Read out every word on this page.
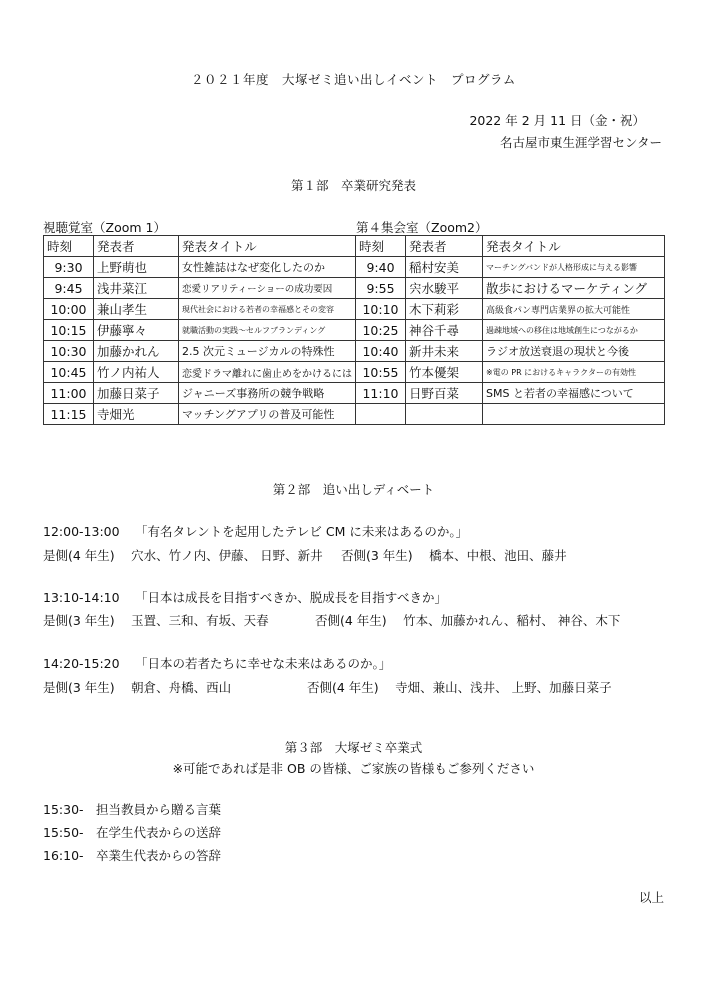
２０２１年度　大塚ゼミ追い出しイベント　プログラム
2022 年 2 月 11 日（金・祝）
名古屋市東生涯学習センター
第１部　卒業研究発表
視聴覚室（Zoom 1）	第４集会室（Zoom2）
時刻	発表者	発表タイトル	時刻	発表者	発表タイトル
9:30	上野萌也	女性雑誌はなぜ変化したのか	9:40	稲村安美	マーチングバンドが人格形成に与える影響
9:45	浅井菜江	恋愛リアリティーショーの成功要因	9:55	宍水駿平	散歩におけるマーケティング
10:00	兼山孝生	現代社会における若者の幸福感とその変容	10:10	木下莉彩	高級食パン専門店業界の拡大可能性
10:15	伊藤寧々	就職活動の実践～セルフブランディング	10:25	神谷千尋	過疎地域への移住は地域創生につながるか
10:30	加藤かれん	2.5 次元ミュージカルの特殊性	10:40	新井未来	ラジオ放送衰退の現状と今後
10:45	竹ノ内祐人	恋愛ドラマ離れに歯止めをかけるには	10:55	竹本優架	※電の PR におけるキャラクターの有効性
11:00	加藤日菜子	ジャニーズ事務所の競争戦略	11:10	日野百菜	SMS と若者の幸福感について
11:15	寺畑光	マッチングアプリの普及可能性			
第２部　追い出しディベート
12:00-13:00 「有名タレントを起用したテレビ CM に未来はあるのか。」
是側(4 年生)　 穴水、竹ノ内、伊藤、 日野、新井 否側(3 年生)　 橋本、中根、池田、藤井
13:10-14:10 「日本は成長を目指すべきか、脱成長を目指すべきか」
是側(3 年生)　 玉置、三和、有坂、天春	否側(4 年生)　 竹本、加藤かれん、稲村、 神谷、木下
14:20-15:20 「日本の若者たちに幸せな未来はあるのか。」
是側(3 年生)　 朝倉、舟橋、西山	否側(4 年生)　 寺畑、兼山、浅井、 上野、加藤日菜子
第３部　大塚ゼミ卒業式
※可能であれば是非 OB の皆様、ご家族の皆様もご参列ください
15:30-　担当教員から贈る言葉
15:50-　在学生代表からの送辞
16:10-　卒業生代表からの答辞
以上
